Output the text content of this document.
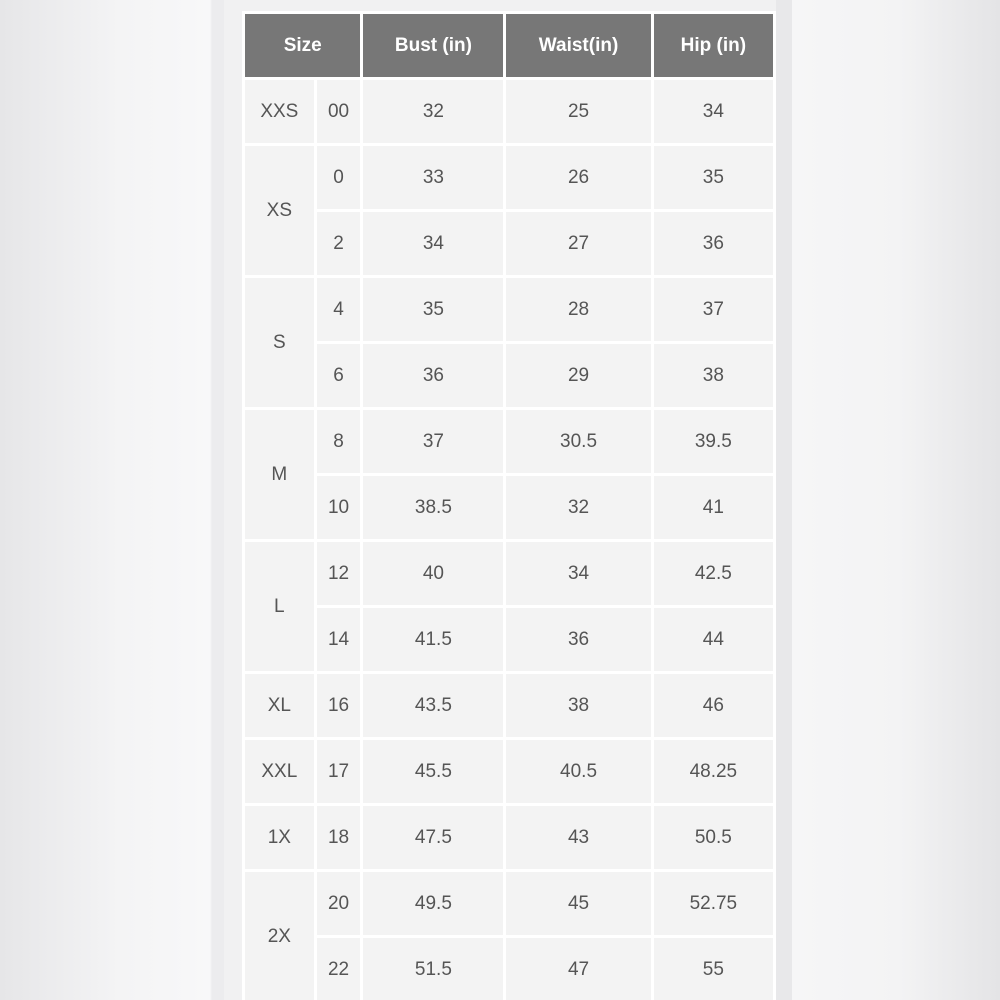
Size		Bust (in)	Waist(in)	Hip (in)
XXS	00	32	25	34
XS	0	33	26	35
	2	34	27	36
S	4	35	28	37
	6	36	29	38
M	8	37	30.5	39.5
	10	38.5	32	41
L	12	40	34	42.5
	14	41.5	36	44
XL	16	43.5	38	46
XXL	17	45.5	40.5	48.25
1X	18	47.5	43	50.5
2X	20	49.5	45	52.75
	22	51.5	47	55
